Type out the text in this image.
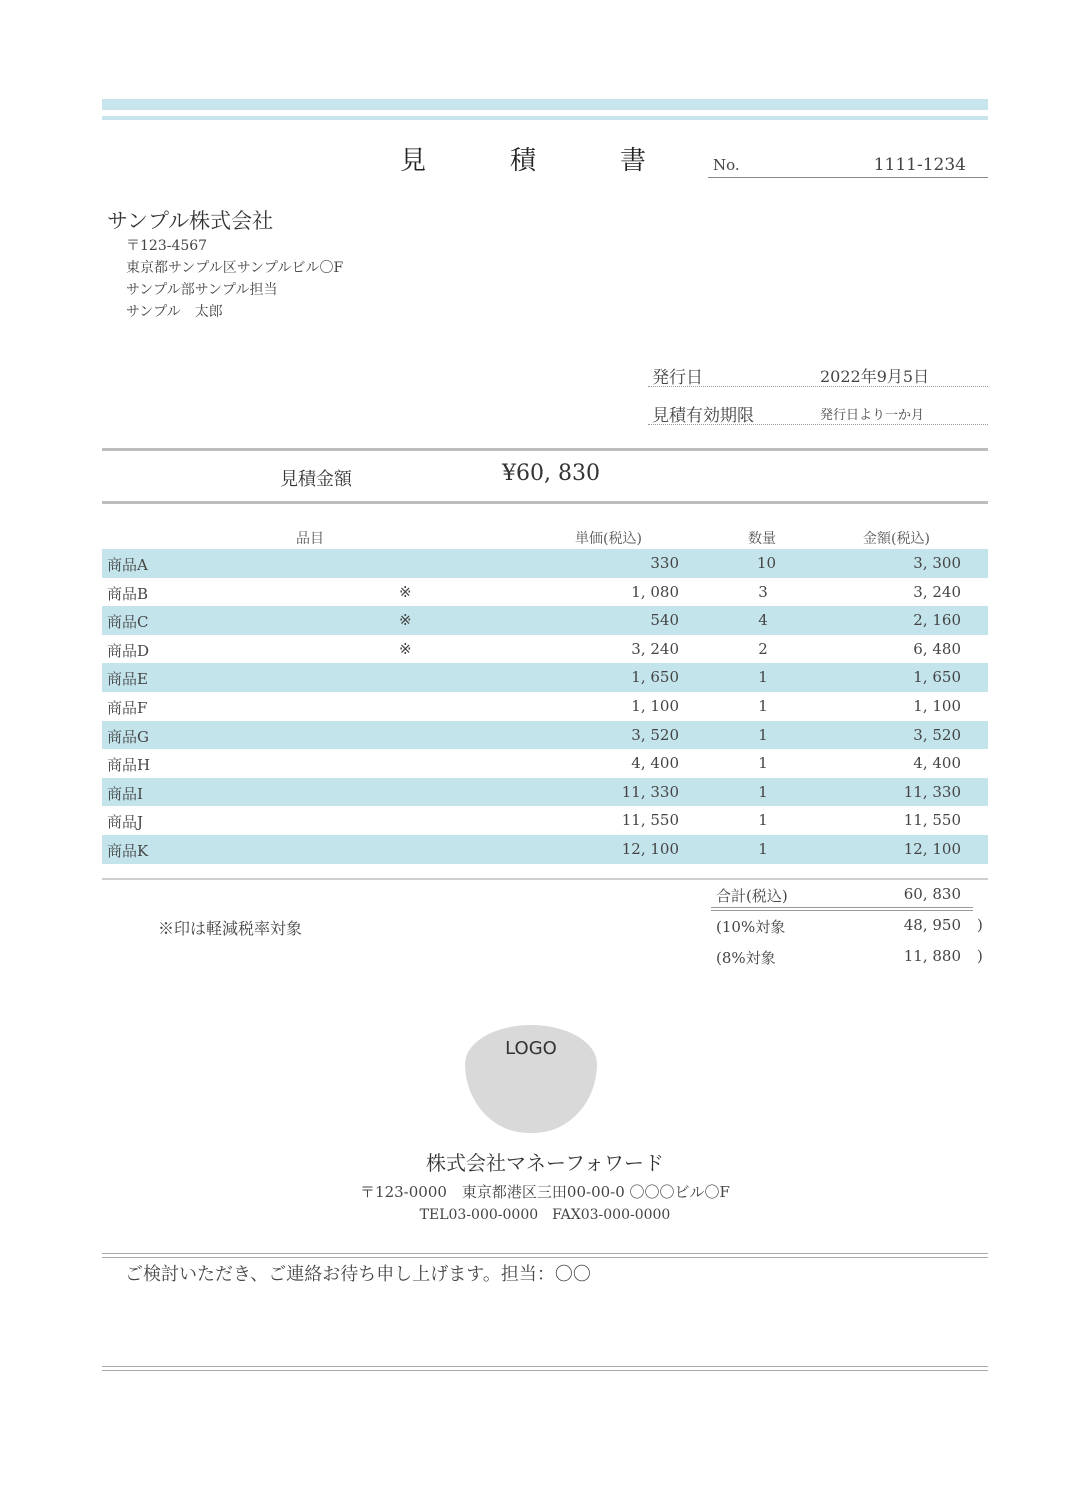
見	積	書	No.	1111-1234
サンプル株式会社
〒123-4567
東京都サンプル区サンプルビル〇F
サンプル部サンプル担当
サンプル　太郎
発行日	2022年9月5日
見積有効期限	発行日より一か月
見積金額	¥60, 830
品目	単価(税込)	数量	金額(税込)
商品A	330	10	3, 300
商品B	※	1, 080	3	3, 240
商品C	※	540	4	2, 160
商品D	※	3, 240	2	6, 480
商品E	1, 650	1	1, 650
商品F	1, 100	1	1, 100
商品G	3, 520	1	3, 520
商品H	4, 400	1	4, 400
商品I	11, 330	1	11, 330
商品J	11, 550	1	11, 550
商品K	12, 100	1	12, 100
合計(税込)	60, 830
(10%対象	48, 950 )
(8%対象	11, 880 )
※印は軽減税率対象
LOGO
株式会社マネーフォワード
〒123-0000　東京都港区三田00-00-0 〇〇〇ビル〇F
TEL03-000-0000　FAX03-000-0000
ご検討いただき、ご連絡お待ち申し上げます。担当：〇〇
